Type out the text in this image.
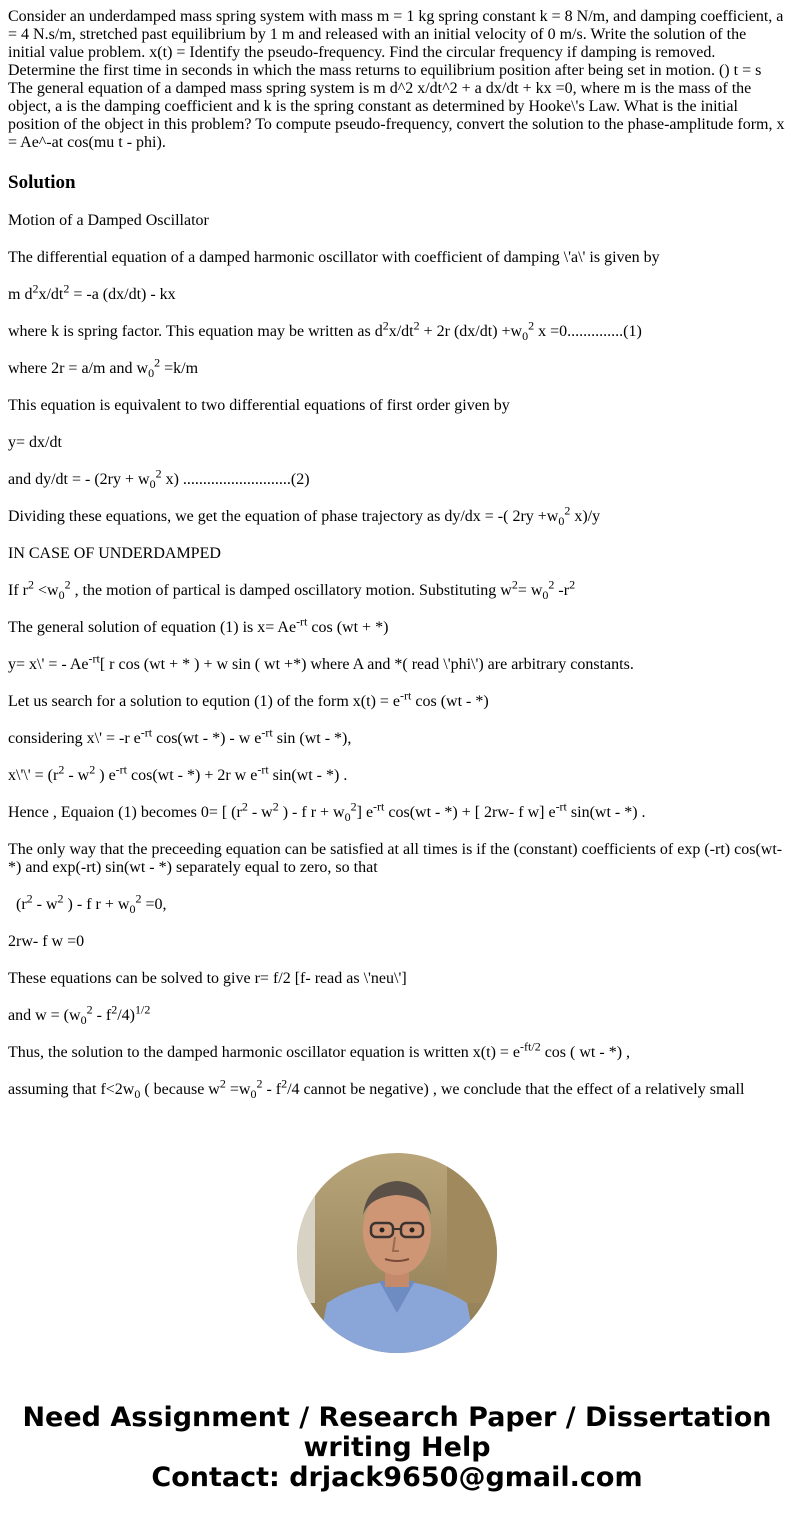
Consider an underdamped mass spring system with mass m = 1 kg spring constant k = 8 N/m, and damping coefficient, a = 4 N.s/m, stretched past equilibrium by 1 m and released with an initial velocity of 0 m/s. Write the solution of the initial value problem. x(t) = Identify the pseudo-frequency. Find the circular frequency if damping is removed. Determine the first time in seconds in which the mass returns to equilibrium position after being set in motion. () t = s The general equation of a damped mass spring system is m d^2 x/dt^2 + a dx/dt + kx =0, where m is the mass of the object, a is the damping coefficient and k is the spring constant as determined by Hooke\'s Law. What is the initial position of the object in this problem? To compute pseudo-frequency, convert the solution to the phase-amplitude form, x = Ae^-at cos(mu t - phi).
Solution

Motion of a Damped Oscillator

The differential equation of a damped harmonic oscillator with coefficient of damping \'a\' is given by

m $d^2x/dt^2 = -a$ (dx/dt) - kx

where k is spring factor. This equation may be written as $d^2x/dt^2 + 2r$ $(dx/dt) +w_0^2$ x =0..............(1)

where 2r = a/m and $w_0^2 =k/m$

This equation is equivalent to two differential equations of first order given by

y= dx/dt

and dy/dt = - ($2ry + w_0^2$ x) ...........................(2)

Dividing these equations, we get the equation of phase trajectory as dy/dx = -( $2ry +w_0^2$ x)/y

IN CASE OF UNDERDAMPED

If $r^2 <w_0^2$ , the motion of partical is damped oscillatory motion. Substituting $w^2= w_0^2$ $-r^2$

The general solution of equation (1) is $x= Ae^{-rt}$ cos (wt + *)

y= x\' = - $Ae^{-rt}$[ r cos (wt + * ) + w sin ( wt +*) where A and *( read \'phi\') are arbitrary constants.

Let us search for a solution to eqution (1) of the form $x(t) = e^{-rt}$ cos (wt - *)

considering x\' = -r $e^{-rt}$ cos(wt - *) - w $e^{-rt}$ sin (wt - *),

x\'\' = ($r^2 - w^2$ ) $e^{-rt}$ cos(wt - *) + 2r w $e^{-rt}$ sin(wt - *) .

Hence , Equaion (1) becomes 0= [ ($r^2 - w^2$ ) - f $r + w_0^2$] $e^{-rt}$ cos(wt - *) + [ 2rw- f w] $e^{-rt}$ sin(wt - *) .

The only way that the preceeding equation can be satisfied at all times is if the (constant) coefficients of exp (-rt) cos(wt- *) and exp(-rt) sin(wt - *) separately equal to zero, so that

($r^2 - w^2$ ) - f $r + w_0^2 =0$,

2rw- f w =0

These equations can be solved to give r= f/2 [f- read as \'neu\']

and $w = (w_0^2 - f^2/4)^{1/2}$

Thus, the solution to the damped harmonic oscillator equation is written $x(t) = e^{-ft/2}$ cos ( wt - *) ,

assuming that $f<2w_0$ ( because $w^2 =w_0^2 - f^2/4$ cannot be negative) , we conclude that the effect of a relatively small

Need Assignment / Research Paper / Dissertation
writing Help
Contact: drjack9650@gmail.com
